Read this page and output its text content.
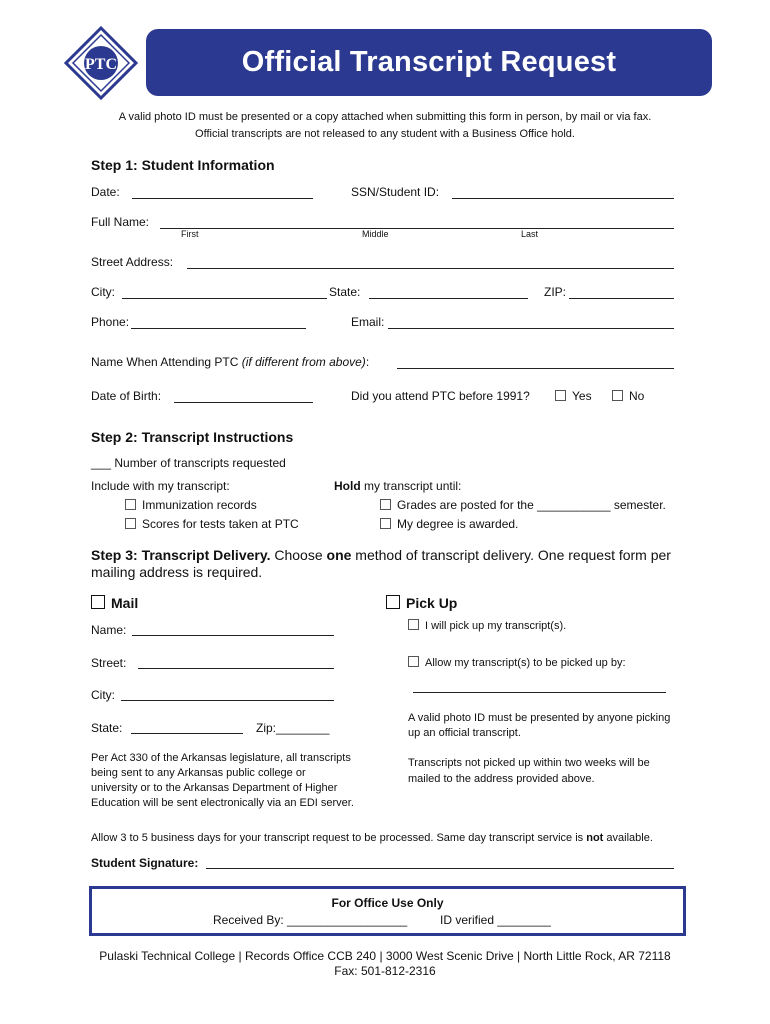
PTC	Official Transcript Request
A valid photo ID must be presented or a copy attached when submitting this form in person, by mail or via fax.
Official transcripts are not released to any student with a Business Office hold.
Step 1: Student Information
Date:	SSN/Student ID:
Full Name:
First	Middle	Last
Street Address:
City:	State:	ZIP:
Phone:	Email:
Name When Attending PTC (if different from above):
Date of Birth:	Did you attend PTC before 1991?	Yes	No
Step 2: Transcript Instructions
___ Number of transcripts requested
Include with my transcript:
Immunization records
Scores for tests taken at PTC
Hold my transcript until:
Grades are posted for the ___________ semester.
My degree is awarded.
Step 3: Transcript Delivery. Choose one method of transcript delivery. One request form per
mailing address is required.
Mail	Pick Up
Name:
Street:
City:
State:	Zip:________
I will pick up my transcript(s).
Allow my transcript(s) to be picked up by:
Per Act 330 of the Arkansas legislature, all transcripts
being sent to any Arkansas public college or
university or to the Arkansas Department of Higher
Education will be sent electronically via an EDI server.
A valid photo ID must be presented by anyone picking
up an official transcript.
Transcripts not picked up within two weeks will be
mailed to the address provided above.
Allow 3 to 5 business days for your transcript request to be processed. Same day transcript service is not available.
Student Signature:
For Office Use Only
Received By: __________________	ID verified ________
Pulaski Technical College | Records Office CCB 240 | 3000 West Scenic Drive | North Little Rock, AR 72118
Fax: 501-812-2316
